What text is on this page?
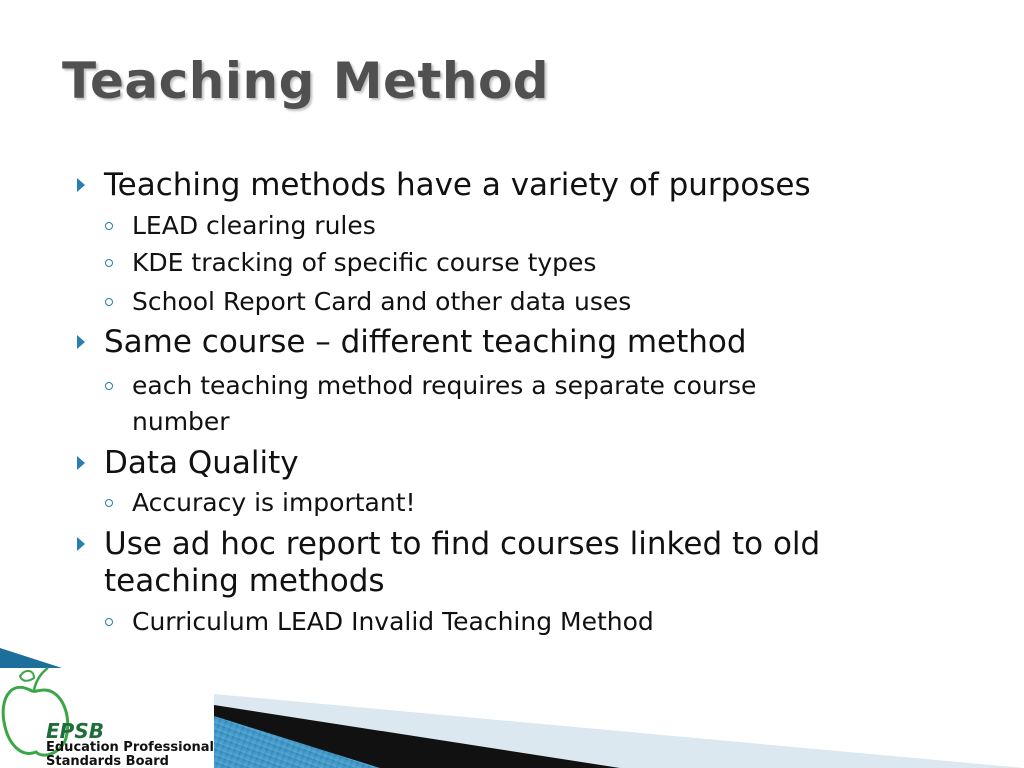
Teaching Method
Teaching methods have a variety of purposes
LEAD clearing rules
KDE tracking of specific course types
School Report Card and other data uses
Same course – different teaching method
each teaching method requires a separate course
number
Data Quality
Accuracy is important!
Use ad hoc report to find courses linked to old
teaching methods
Curriculum LEAD Invalid Teaching Method
EPSB
Education Professional
Standards Board
